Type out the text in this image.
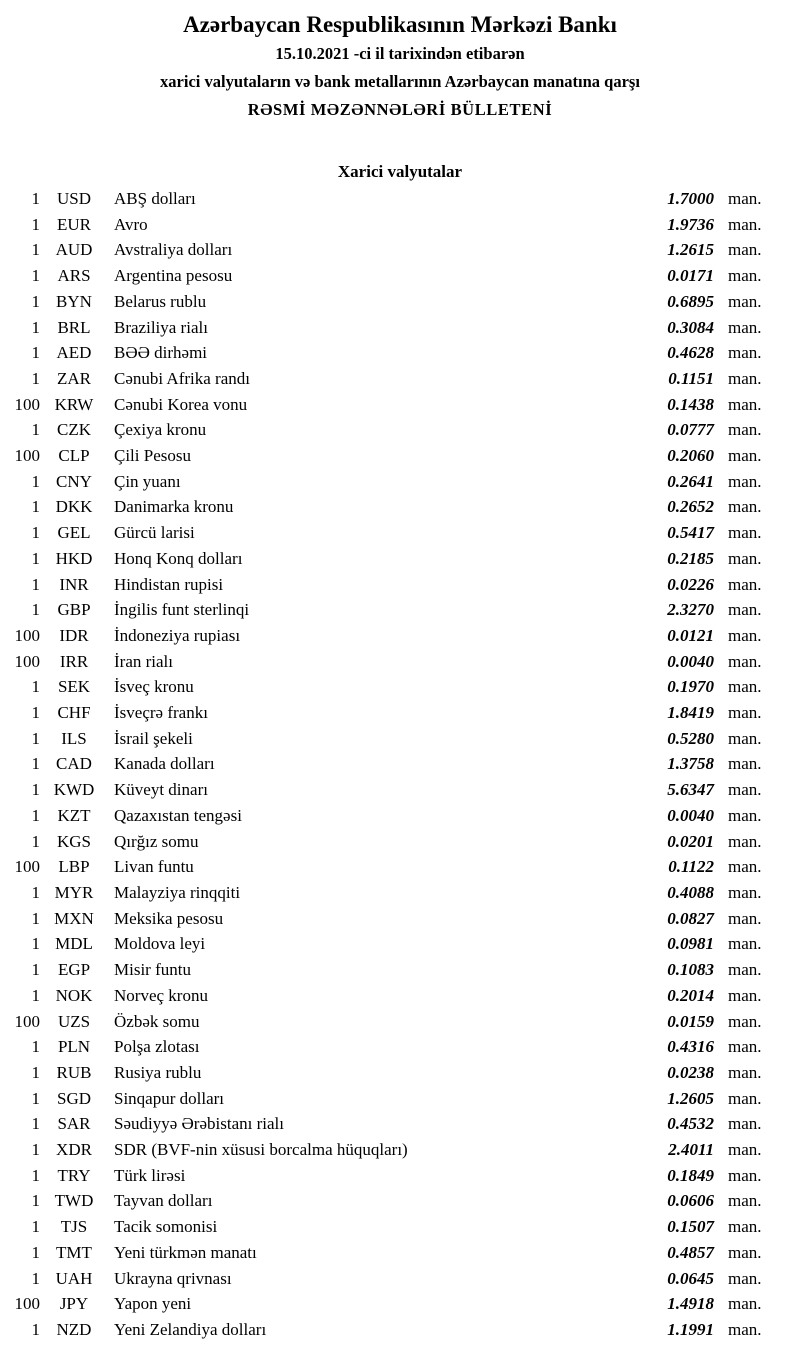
Azərbaycan Respublikasının Mərkəzi Bankı
15.10.2021 -ci il tarixindən etibarən
xarici valyutaların və bank metallarının Azərbaycan manatına qarşı
RƏSMİ MƏZƏNNƏLƏRİ BÜLLETENİ
Xarici valyutalar
1 USD	ABŞ dolları	1.7000 man.
1	EUR	Avro	1.9736 man.
1 AUD	Avstraliya dolları	1.2615 man.
1	ARS	Argentina pesosu	0.0171 man.
1 BYN	Belarus rublu	0.6895 man.
1	BRL	Braziliya rialı	0.3084 man.
1 AED	BƏƏ dirhəmi	0.4628 man.
1	ZAR	Cənubi Afrika randı	0.1151 man.
100 KRW	Cənubi Korea vonu	0.1438 man.
1	CZK	Çexiya kronu	0.0777 man.
100	CLP	Çili Pesosu	0.2060 man.
1 CNY	Çin yuanı	0.2641 man.
1 DKK	Danimarka kronu	0.2652 man.
1	GEL	Gürcü larisi	0.5417 man.
1 HKD	Honq Konq dolları	0.2185 man.
1	INR	Hindistan rupisi	0.0226 man.
1	GBP	İngilis funt sterlinqi	2.3270 man.
100	IDR	İndoneziya rupiası	0.0121 man.
100	IRR	İran rialı	0.0040 man.
1	SEK	İsveç kronu	0.1970 man.
1	CHF	İsveçrə frankı	1.8419 man.
1	ILS	İsrail şekeli	0.5280 man.
1 CAD	Kanada dolları	1.3758 man.
1 KWD	Küveyt dinarı	5.6347 man.
1	KZT	Qazaxıstan tengəsi	0.0040 man.
1 KGS	Qırğız somu	0.0201 man.
100	LBP	Livan funtu	0.1122 man.
1 MYR	Malayziya rinqqiti	0.4088 man.
1 MXN	Meksika pesosu	0.0827 man.
1 MDL	Moldova leyi	0.0981 man.
1	EGP	Misir funtu	0.1083 man.
1 NOK	Norveç kronu	0.2014 man.
100	UZS	Özbək somu	0.0159 man.
1	PLN	Polşa zlotası	0.4316 man.
1 RUB	Rusiya rublu	0.0238 man.
1 SGD	Sinqapur dolları	1.2605 man.
1	SAR	Səudiyyə Ərəbistanı rialı	0.4532 man.
1 XDR	SDR (BVF-nin xüsusi borcalma hüquqları)	2.4011 man.
1	TRY	Türk lirəsi	0.1849 man.
1 TWD	Tayvan dolları	0.0606 man.
1	TJS	Tacik somonisi	0.1507 man.
1 TMT	Yeni türkmən manatı	0.4857 man.
1 UAH	Ukrayna qrivnası	0.0645 man.
100	JPY	Yapon yeni	1.4918 man.
1 NZD	Yeni Zelandiya dolları	1.1991 man.
